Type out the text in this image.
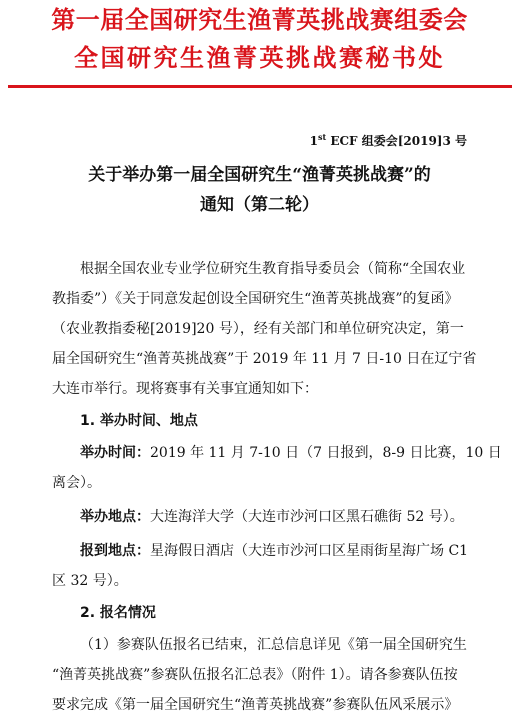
第一届全国研究生渔菁英挑战赛组委会
全国研究生渔菁英挑战赛秘书处
1st ECF 组委会[2019]3 号
关于举办第一届全国研究生“渔菁英挑战赛”的
通知（第二轮）
根据全国农业专业学位研究生教育指导委员会（简称“全国农业
教指委”）《关于同意发起创设全国研究生“渔菁英挑战赛”的复函》
（农业教指委秘[2019]20 号），经有关部门和单位研究决定，第一
届全国研究生“渔菁英挑战赛”于 2019 年 11 月 7 日-10 日在辽宁省
大连市举行。现将赛事有关事宜通知如下：
1. 举办时间、地点
举办时间：2019 年 11 月 7-10 日（7 日报到，8-9 日比赛，10 日
离会）。
举办地点：大连海洋大学（大连市沙河口区黑石礁街 52 号）。
报到地点：星海假日酒店（大连市沙河口区星雨街星海广场 C1
区 32 号）。
2. 报名情况
（1）参赛队伍报名已结束，汇总信息详见《第一届全国研究生
“渔菁英挑战赛”参赛队伍报名汇总表》（附件 1）。请各参赛队伍按
要求完成《第一届全国研究生“渔菁英挑战赛”参赛队伍风采展示》
